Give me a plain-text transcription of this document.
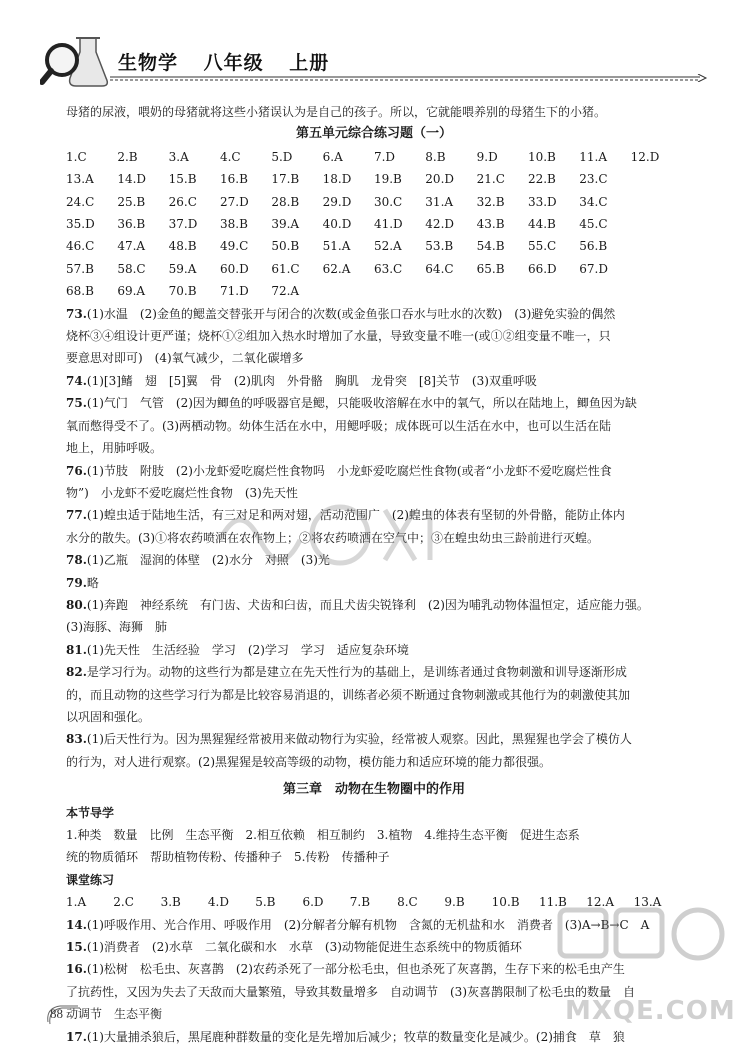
生物学 八年级 上册
母猪的尿液，喂奶的母猪就将这些小猪误认为是自己的孩子。所以，它就能喂养别的母猪生下的小猪。
第五单元综合练习题（一）
1.C	2.B	3.A	4.C	5.D	6.A	7.D	8.B	9.D	10.B	11.A	12.D
13.A	14.D	15.B	16.B	17.B	18.D	19.B	20.D	21.C	22.B	23.C
24.C	25.B	26.C	27.D	28.B	29.D	30.C	31.A	32.B	33.D	34.C
35.D	36.B	37.D	38.B	39.A	40.D	41.D	42.D	43.B	44.B	45.C
46.C	47.A	48.B	49.C	50.B	51.A	52.A	53.B	54.B	55.C	56.B
57.B	58.C	59.A	60.D	61.C	62.A	63.C	64.C	65.B	66.D	67.D
68.B	69.A	70.B	71.D	72.A
73.(1)水温　(2)金鱼的鳃盖交替张开与闭合的次数(或金鱼张口吞水与吐水的次数)　(3)避免实验的偶然
烧杯③④组设计更严谨；烧杯①②组加入热水时增加了水量，导致变量不唯一(或①②组变量不唯一，只
要意思对即可)　(4)氧气减少，二氧化碳增多
74.(1)[3]鳍　翅　[5]翼　骨　(2)肌肉　外骨骼　胸肌　龙骨突　[8]关节　(3)双重呼吸
75.(1)气门　气管　(2)因为鲫鱼的呼吸器官是鳃，只能吸收溶解在水中的氧气，所以在陆地上，鲫鱼因为缺
氧而憋得受不了。(3)两栖动物。幼体生活在水中，用鳃呼吸；成体既可以生活在水中，也可以生活在陆
地上，用肺呼吸。
76.(1)节肢　附肢　(2)小龙虾爱吃腐烂性食物吗　小龙虾爱吃腐烂性食物(或者“小龙虾不爱吃腐烂性食
物”)　小龙虾不爱吃腐烂性食物　(3)先天性
77.(1)蝗虫适于陆地生活，有三对足和两对翅，活动范围广　(2)蝗虫的体表有坚韧的外骨骼，能防止体内
水分的散失。(3)①将农药喷洒在农作物上；②将农药喷洒在空气中；③在蝗虫幼虫三龄前进行灭蝗。
78.(1)乙瓶　湿润的体壁　(2)水分　对照　(3)光
79.略
80.(1)奔跑　神经系统　有门齿、犬齿和臼齿，而且犬齿尖锐锋利　(2)因为哺乳动物体温恒定，适应能力强。
(3)海豚、海狮　肺
81.(1)先天性　生活经验　学习　(2)学习　学习　适应复杂环境
82.是学习行为。动物的这些行为都是建立在先天性行为的基础上，是训练者通过食物刺激和训导逐渐形成
的，而且动物的这些学习行为都是比较容易消退的，训练者必须不断通过食物刺激或其他行为的刺激使其加
以巩固和强化。
83.(1)后天性行为。因为黑猩猩经常被用来做动物行为实验，经常被人观察。因此，黑猩猩也学会了模仿人
的行为，对人进行观察。(2)黑猩猩是较高等级的动物，模仿能力和适应环境的能力都很强。
第三章　动物在生物圈中的作用
本节导学
1.种类　数量　比例　生态平衡　2.相互依赖　相互制约　3.植物　4.维持生态平衡　促进生态系
统的物质循环　帮助植物传粉、传播种子　5.传粉　传播种子
课堂练习
1.A	2.C	3.B	4.D	5.B	6.D	7.B	8.C	9.B	10.B	11.B	12.A	13.A
14.(1)呼吸作用、光合作用、呼吸作用　(2)分解者分解有机物　含氮的无机盐和水　消费者　(3)A→B→C　A
15.(1)消费者　(2)水草　二氧化碳和水　水草　(3)动物能促进生态系统中的物质循环
16.(1)松树　松毛虫、灰喜鹊　(2)农药杀死了一部分松毛虫，但也杀死了灰喜鹊，生存下来的松毛虫产生
了抗药性，又因为失去了天敌而大量繁殖，导致其数量增多　自动调节　(3)灰喜鹊限制了松毛虫的数量　自
动调节　生态平衡
17.(1)大量捕杀狼后，黑尾鹿种群数量的变化是先增加后减少；牧草的数量变化是减少。(2)捕食　草　狼
88	MXQE.COM
